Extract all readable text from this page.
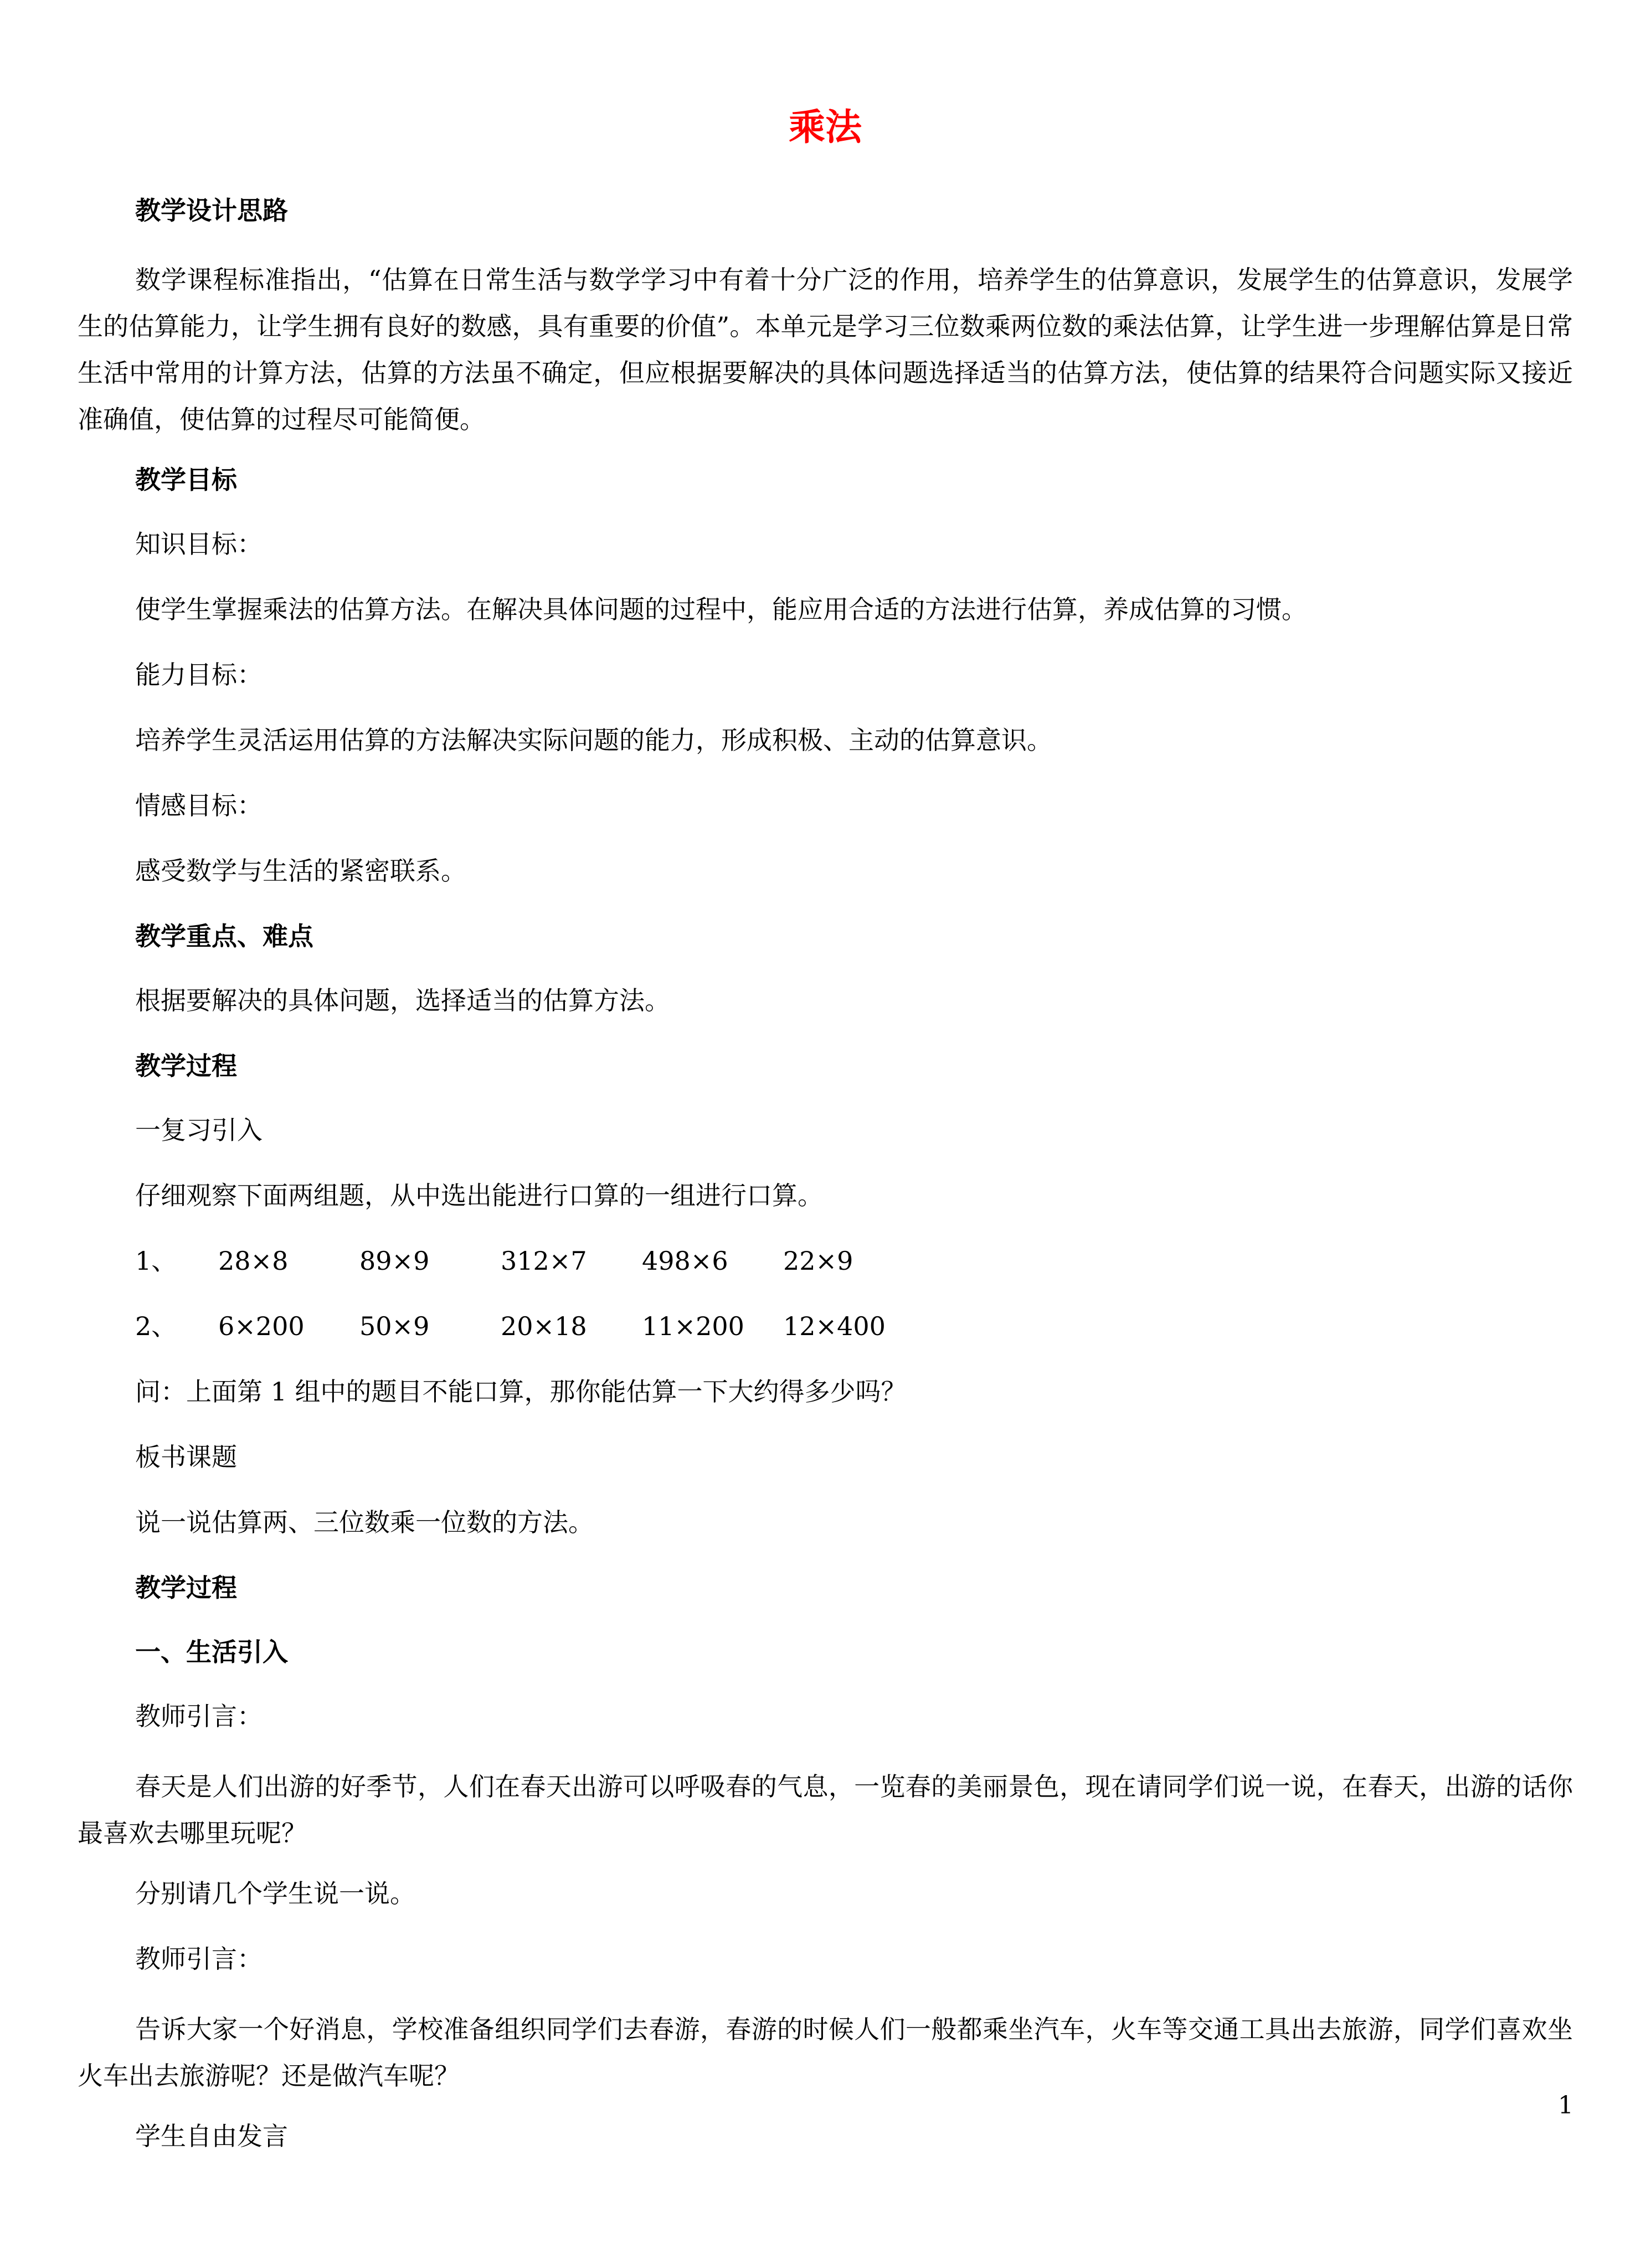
乘法
教学设计思路
数学课程标准指出，“估算在日常生活与数学学习中有着十分广泛的作用，培养学生的估算意识，发展学生的估算意识，发展学生的估算能力，让学生拥有良好的数感，具有重要的价值”。本单元是学习三位数乘两位数的乘法估算，让学生进一步理解估算是日常生活中常用的计算方法，估算的方法虽不确定，但应根据要解决的具体问题选择适当的估算方法，使估算的结果符合问题实际又接近准确值，使估算的过程尽可能简便。
教学目标
知识目标：
使学生掌握乘法的估算方法。在解决具体问题的过程中，能应用合适的方法进行估算，养成估算的习惯。
能力目标：
培养学生灵活运用估算的方法解决实际问题的能力，形成积极、主动的估算意识。
情感目标：
感受数学与生活的紧密联系。
教学重点、难点
根据要解决的具体问题，选择适当的估算方法。
教学过程
一复习引入
仔细观察下面两组题，从中选出能进行口算的一组进行口算。
1、	28×8	89×9	312×7	498×6	22×9
2、	6×200	50×9	20×18	11×200	12×400
问：上面第 1 组中的题目不能口算，那你能估算一下大约得多少吗？
板书课题
说一说估算两、三位数乘一位数的方法。
教学过程
一、生活引入
教师引言：
春天是人们出游的好季节，人们在春天出游可以呼吸春的气息，一览春的美丽景色，现在请同学们说一说，在春天，出游的话你最喜欢去哪里玩呢？
分别请几个学生说一说。
教师引言：
告诉大家一个好消息，学校准备组织同学们去春游，春游的时候人们一般都乘坐汽车，火车等交通工具出去旅游，同学们喜欢坐火车出去旅游呢？还是做汽车呢？
学生自由发言
1
